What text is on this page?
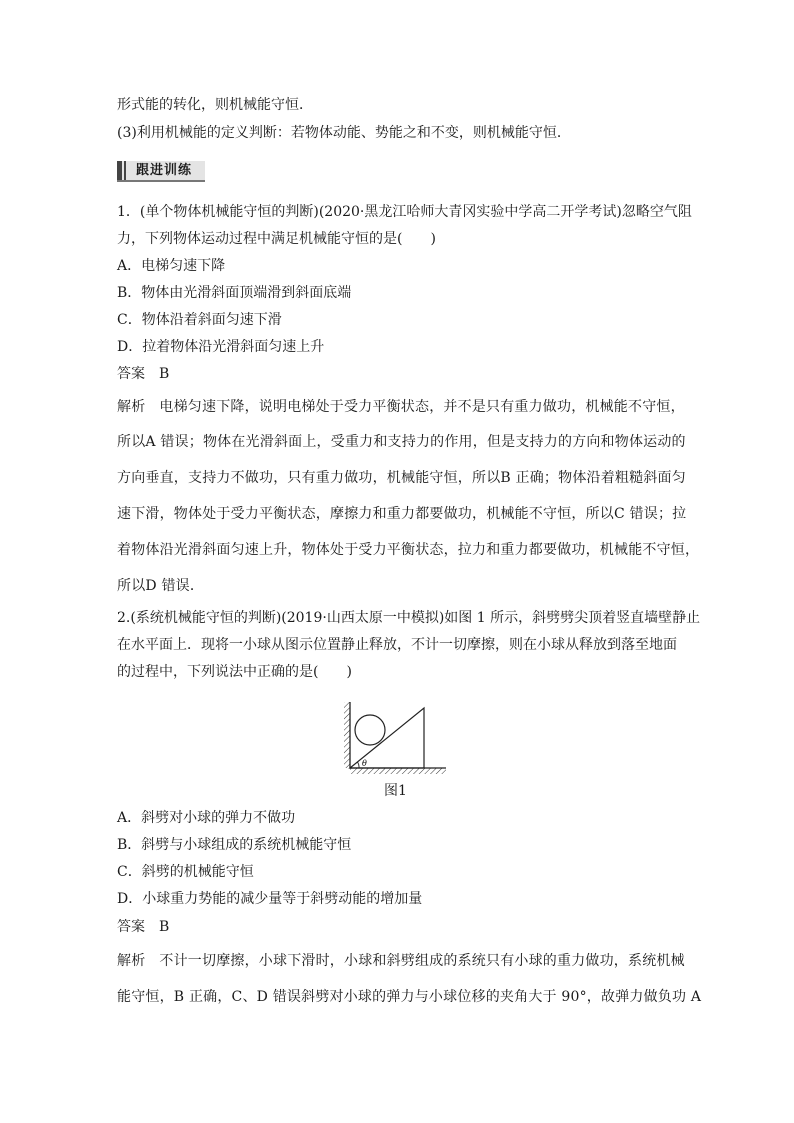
形式能的转化，则机械能守恒．
(3)利用机械能的定义判断：若物体动能、势能之和不变，则机械能守恒．
跟进训练
1．(单个物体机械能守恒的判断)(2020·黑龙江哈师大青冈实验中学高二开学考试)忽略空气阻
力，下列物体运动过程中满足机械能守恒的是(　　)
A．电梯匀速下降
B．物体由光滑斜面顶端滑到斜面底端
C．物体沿着斜面匀速下滑
D．拉着物体沿光滑斜面匀速上升
答案 B
解析 电梯匀速下降，说明电梯处于受力平衡状态，并不是只有重力做功，机械能不守恒，
所以A 错误；物体在光滑斜面上，受重力和支持力的作用，但是支持力的方向和物体运动的
方向垂直，支持力不做功，只有重力做功，机械能守恒，所以B 正确；物体沿着粗糙斜面匀
速下滑，物体处于受力平衡状态，摩擦力和重力都要做功，机械能不守恒，所以C 错误；拉
着物体沿光滑斜面匀速上升，物体处于受力平衡状态，拉力和重力都要做功，机械能不守恒，
所以D 错误．
2.(系统机械能守恒的判断)(2019·山西太原一中模拟)如图 1 所示，斜劈劈尖顶着竖直墙壁静止
在水平面上．现将一小球从图示位置静止释放，不计一切摩擦，则在小球从释放到落至地面
的过程中，下列说法中正确的是(　　)
θ
图1
A．斜劈对小球的弹力不做功
B．斜劈与小球组成的系统机械能守恒
C．斜劈的机械能守恒
D．小球重力势能的减少量等于斜劈动能的增加量
答案 B
解析 不计一切摩擦，小球下滑时，小球和斜劈组成的系统只有小球的重力做功，系统机械
能守恒，B 正确，C、D 错误斜劈对小球的弹力与小球位移的夹角大于 90°，故弹力做负功 A
